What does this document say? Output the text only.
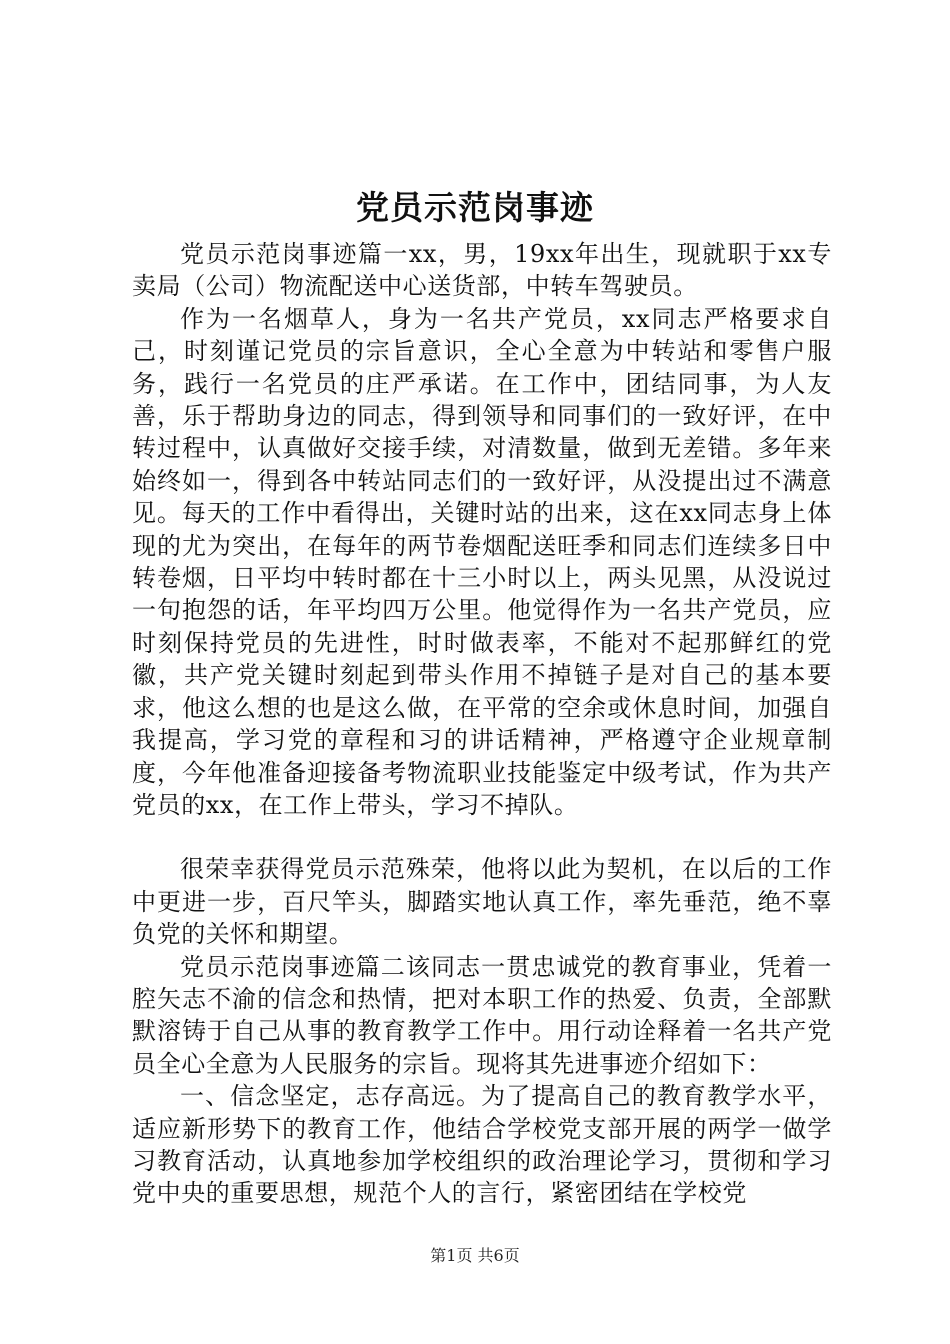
党员示范岗事迹

党员示范岗事迹篇一xx，男，19xx年出生，现就职于xx专卖局（公司）物流配送中心送货部，中转车驾驶员。

作为一名烟草人，身为一名共产党员，xx同志严格要求自己，时刻谨记党员的宗旨意识，全心全意为中转站和零售户服务，践行一名党员的庄严承诺。在工作中，团结同事，为人友善，乐于帮助身边的同志，得到领导和同事们的一致好评，在中转过程中，认真做好交接手续，对清数量，做到无差错。多年来始终如一，得到各中转站同志们的一致好评，从没提出过不满意见。每天的工作中看得出，关键时站的出来，这在xx同志身上体现的尤为突出，在每年的两节卷烟配送旺季和同志们连续多日中转卷烟，日平均中转时都在十三小时以上，两头见黑，从没说过一句抱怨的话，年平均四万公里。他觉得作为一名共产党员，应时刻保持党员的先进性，时时做表率，不能对不起那鲜红的党徽，共产党关键时刻起到带头作用不掉链子是对自己的基本要求，他这么想的也是这么做，在平常的空余或休息时间，加强自我提高，学习党的章程和习的讲话精神，严格遵守企业规章制度，今年他准备迎接备考物流职业技能鉴定中级考试，作为共产党员的xx，在工作上带头，学习不掉队。

很荣幸获得党员示范殊荣，他将以此为契机，在以后的工作中更进一步，百尺竿头，脚踏实地认真工作，率先垂范，绝不辜负党的关怀和期望。

党员示范岗事迹篇二该同志一贯忠诚党的教育事业，凭着一腔矢志不渝的信念和热情，把对本职工作的热爱、负责，全部默默溶铸于自己从事的教育教学工作中。用行动诠释着一名共产党员全心全意为人民服务的宗旨。现将其先进事迹介绍如下：

一、信念坚定，志存高远。为了提高自己的教育教学水平，适应新形势下的教育工作，他结合学校党支部开展的两学一做学习教育活动，认真地参加学校组织的政治理论学习，贯彻和学习党中央的重要思想，规范个人的言行，紧密团结在学校党

第1页 共6页
